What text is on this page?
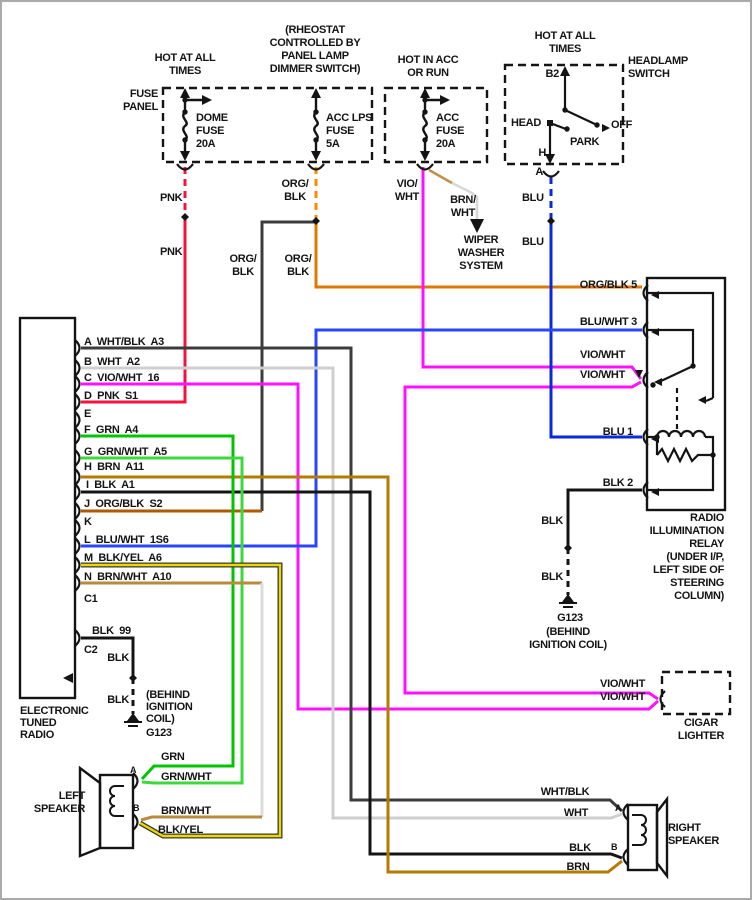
HOT AT ALL
TIMES
FUSE
PANEL
(RHEOSTAT
CONTROLLED BY
PANEL LAMP
DIMMER SWITCH)
DOME
FUSE
20A
ACC LPS
FUSE
5A
HOT IN ACC
OR RUN
ACC
FUSE
20A
HOT AT ALL
TIMES
HEADLAMP
SWITCH
B2
HEAD	OFF
PARK
H
A
PNK
PNK
ORG/
BLK
ORG/
BLK
ORG/
BLK
VIO/
WHT	BRN/
WHT
WIPER
WASHER
SYSTEM
BLU
BLU
ORG/BLK 5
BLU/WHT 3
VIO/WHT
VIO/WHT
BLU 1
BLK 2
RADIO
ILLUMINATION
RELAY
(UNDER I/P,
LEFT SIDE OF
STEERING
COLUMN)
BLK
BLK
G123
(BEHIND
IGNITION COIL)
VIO/WHT
VIO/WHT
CIGAR
LIGHTER
A  WHT/BLK  A3
B  WHT  A2
C  VIO/WHT  16
D  PNK  S1
E
F  GRN  A4
G  GRN/WHT  A5
H  BRN  A11
I  BLK  A1
J  ORG/BLK  S2
K
L  BLU/WHT  1S6
M  BLK/YEL  A6
N  BRN/WHT  A10
C1
BLK  99
C2
BLK
BLK (BEHIND
IGNITION
COIL)
G123
ELECTRONIC
TUNED
RADIO
GRN
GRN/WHT
LEFT
SPEAKER	BRN/WHT
BLK/YEL
A
B
WHT/BLK
WHT
BLK
BRN
A
B
RIGHT
SPEAKER
